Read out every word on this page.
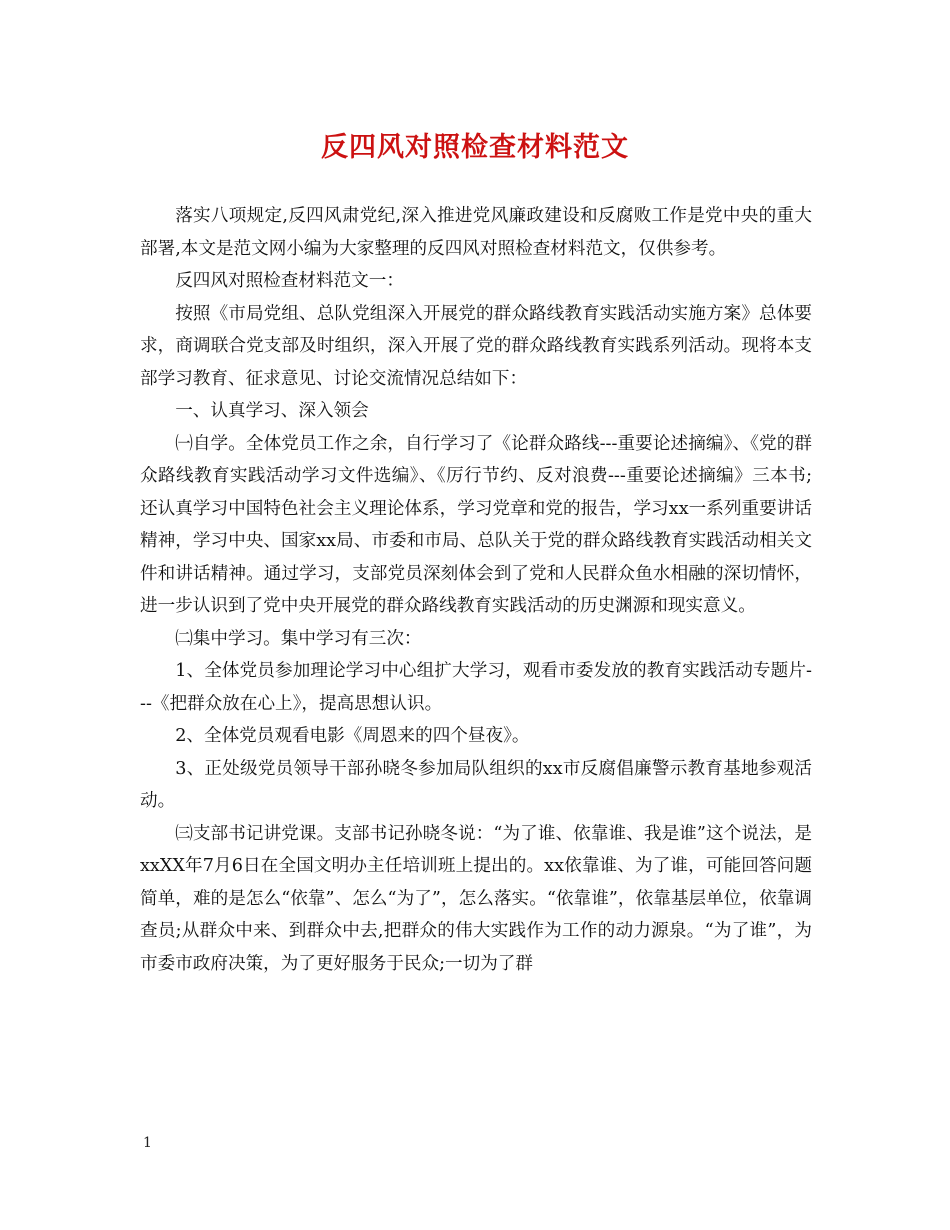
反四风对照检查材料范文

落实八项规定,反四风肃党纪,深入推进党风廉政建设和反腐败工作是党中央的重大部署,本文是范文网小编为大家整理的反四风对照检查材料范文，仅供参考。

反四风对照检查材料范文一：

按照《市局党组、总队党组深入开展党的群众路线教育实践活动实施方案》总体要求，商调联合党支部及时组织，深入开展了党的群众路线教育实践系列活动。现将本支部学习教育、征求意见、讨论交流情况总结如下：

一、认真学习、深入领会

㈠自学。全体党员工作之余，自行学习了《论群众路线---重要论述摘编》、《党的群众路线教育实践活动学习文件选编》、《厉行节约、反对浪费---重要论述摘编》三本书;还认真学习中国特色社会主义理论体系，学习党章和党的报告，学习xx一系列重要讲话精神，学习中央、国家xx局、市委和市局、总队关于党的群众路线教育实践活动相关文件和讲话精神。通过学习，支部党员深刻体会到了党和人民群众鱼水相融的深切情怀，进一步认识到了党中央开展党的群众路线教育实践活动的历史渊源和现实意义。

㈡集中学习。集中学习有三次：

1、全体党员参加理论学习中心组扩大学习，观看市委发放的教育实践活动专题片---《把群众放在心上》，提高思想认识。

2、全体党员观看电影《周恩来的四个昼夜》。

3、正处级党员领导干部孙晓冬参加局队组织的xx市反腐倡廉警示教育基地参观活动。

㈢支部书记讲党课。支部书记孙晓冬说：“为了谁、依靠谁、我是谁”这个说法，是xxXX年7月6日在全国文明办主任培训班上提出的。xx依靠谁、为了谁，可能回答问题简单，难的是怎么“依靠”、怎么“为了”，怎么落实。“依靠谁”，依靠基层单位，依靠调查员;从群众中来、到群众中去,把群众的伟大实践作为工作的动力源泉。“为了谁”，为市委市政府决策，为了更好服务于民众;一切为了群

1
